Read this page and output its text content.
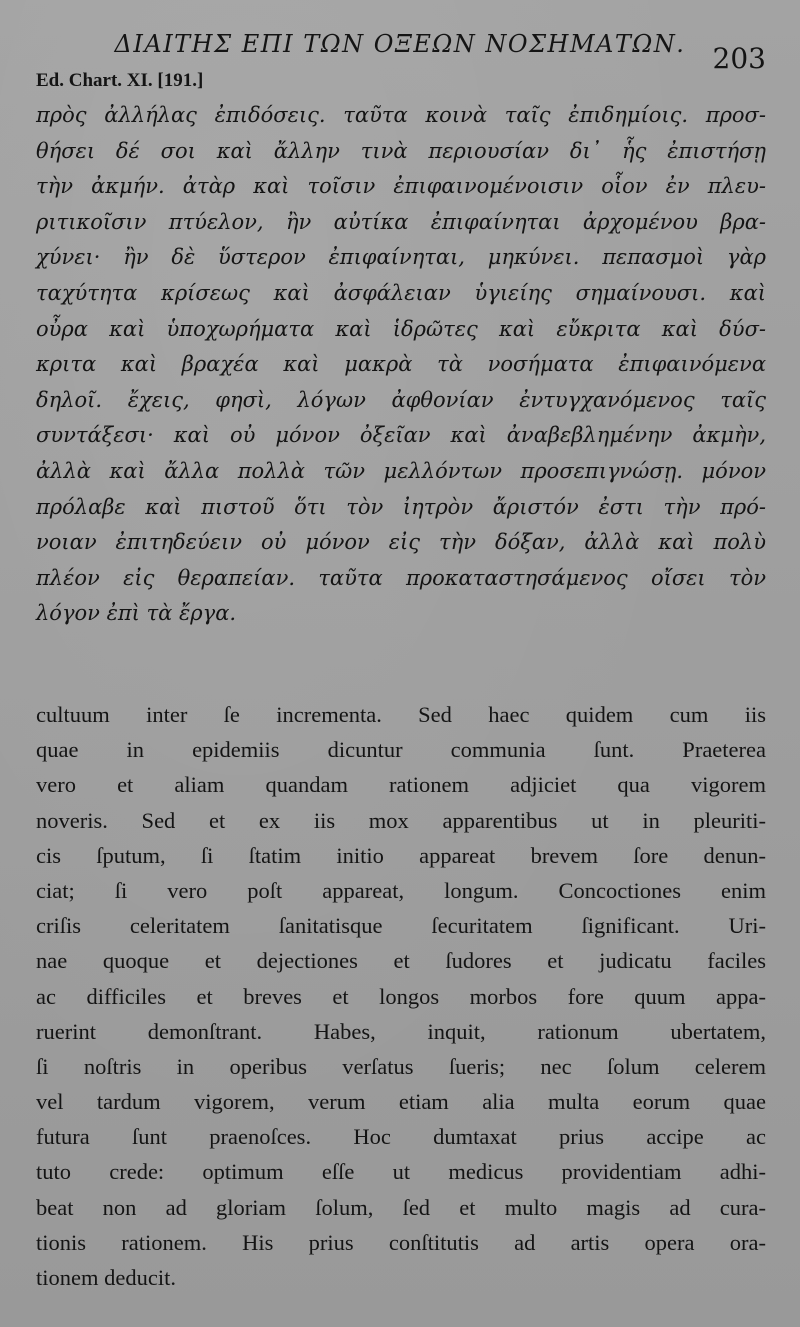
ΔΙΑΙΤΗΣ ΕΠΙ ΤΩΝ ΟΞΕΩΝ ΝΟΣΗΜΑΤΩΝ. 203
Ed. Chart. XI. [191.]
πρὸς ἀλλήλας ἐπιδόσεις. ταῦτα κοινὰ ταῖς ἐπιδημίοις. προσ-
θήσει δέ σοι καὶ ἄλλην τινὰ περιουσίαν δι᾽ ἧς ἐπιστήσῃ
τὴν ἀκμήν. ἀτὰρ καὶ τοῖσιν ἐπιφαινομένοισιν οἷον ἐν πλευ-
ριτικοῖσιν πτύελον, ἢν αὐτίκα ἐπιφαίνηται ἀρχομένου βρα-
χύνει· ἢν δὲ ὕστερον ἐπιφαίνηται, μηκύνει. πεπασμοὶ γὰρ
ταχύτητα κρίσεως καὶ ἀσφάλειαν ὑγιείης σημαίνουσι. καὶ
οὖρα καὶ ὑποχωρήματα καὶ ἱδρῶτες καὶ εὔκριτα καὶ δύσ-
κριτα καὶ βραχέα καὶ μακρὰ τὰ νοσήματα ἐπιφαινόμενα
δηλοῖ. ἔχεις, φησὶ, λόγων ἀφθονίαν ἐντυγχανόμενος ταῖς
συντάξεσι· καὶ οὐ μόνον ὀξεῖαν καὶ ἀναβεβλημένην ἀκμὴν,
ἀλλὰ καὶ ἄλλα πολλὰ τῶν μελλόντων προσεπιγνώσῃ. μόνον
πρόλαβε καὶ πιστοῦ ὅτι τὸν ἰητρὸν ἄριστόν ἐστι τὴν πρό-
νοιαν ἐπιτηδεύειν οὐ μόνον εἰς τὴν δόξαν, ἀλλὰ καὶ πολὺ
πλέον εἰς θεραπείαν. ταῦτα προκαταστησάμενος οἴσει τὸν
λόγον ἐπὶ τὰ ἔργα.
cultuum inter ſe incrementa. Sed haec quidem cum iis
quae in epidemiis dicuntur communia ſunt. Praeterea
vero et aliam quandam rationem adjiciet qua vigorem
noveris. Sed et ex iis mox apparentibus ut in pleuriti-
cis ſputum, ſi ſtatim initio appareat brevem ſore denun-
ciat; ſi vero poſt appareat, longum. Concoctiones enim
criſis celeritatem ſanitatisque ſecuritatem ſignificant. Uri-
nae quoque et dejectiones et ſudores et judicatu faciles
ac difficiles et breves et longos morbos fore quum appa-
ruerint demonſtrant. Habes, inquit, rationum ubertatem,
ſi noſtris in operibus verſatus ſueris; nec ſolum celerem
vel tardum vigorem, verum etiam alia multa eorum quae
futura ſunt praenoſces. Hoc dumtaxat prius accipe ac
tuto crede: optimum eſſe ut medicus providentiam adhi-
beat non ad gloriam ſolum, ſed et multo magis ad cura-
tionis rationem. His prius conſtitutis ad artis opera ora-
tionem deducit.
